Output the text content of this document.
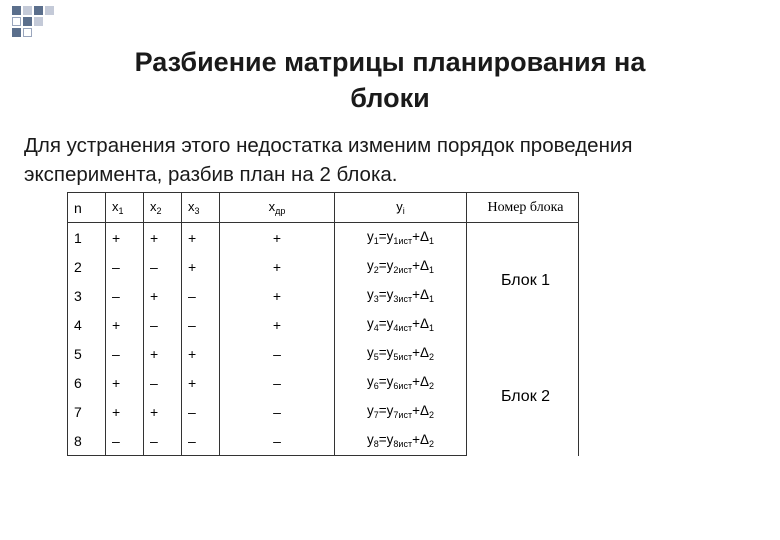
Разбиение матрицы планирования на
блоки
Для устранения этого недостатка изменим порядок проведения
эксперимента, разбив план на 2 блока.
n	$x_1$	$x_2$	$x_3$	$x_{др}$	$y_i$	Номер блока
1	+	+	+	+	$y_1=y_{1ист}+\Delta_1$	Блок 1
2	–	–	+	+	$y_2=y_{2ист}+\Delta_1$
3	–	+	–	+	$y_3=y_{3ист}+\Delta_1$
4	+	–	–	+	$y_4=y_{4ист}+\Delta_1$
5	–	+	+	–	$y_5=y_{5ист}+\Delta_2$	Блок 2
6	+	–	+	–	$y_6=y_{6ист}+\Delta_2$
7	+	+	–	–	$y_7=y_{7ист}+\Delta_2$
8	–	–	–	–	$y_8=y_{8ист}+\Delta_2$
